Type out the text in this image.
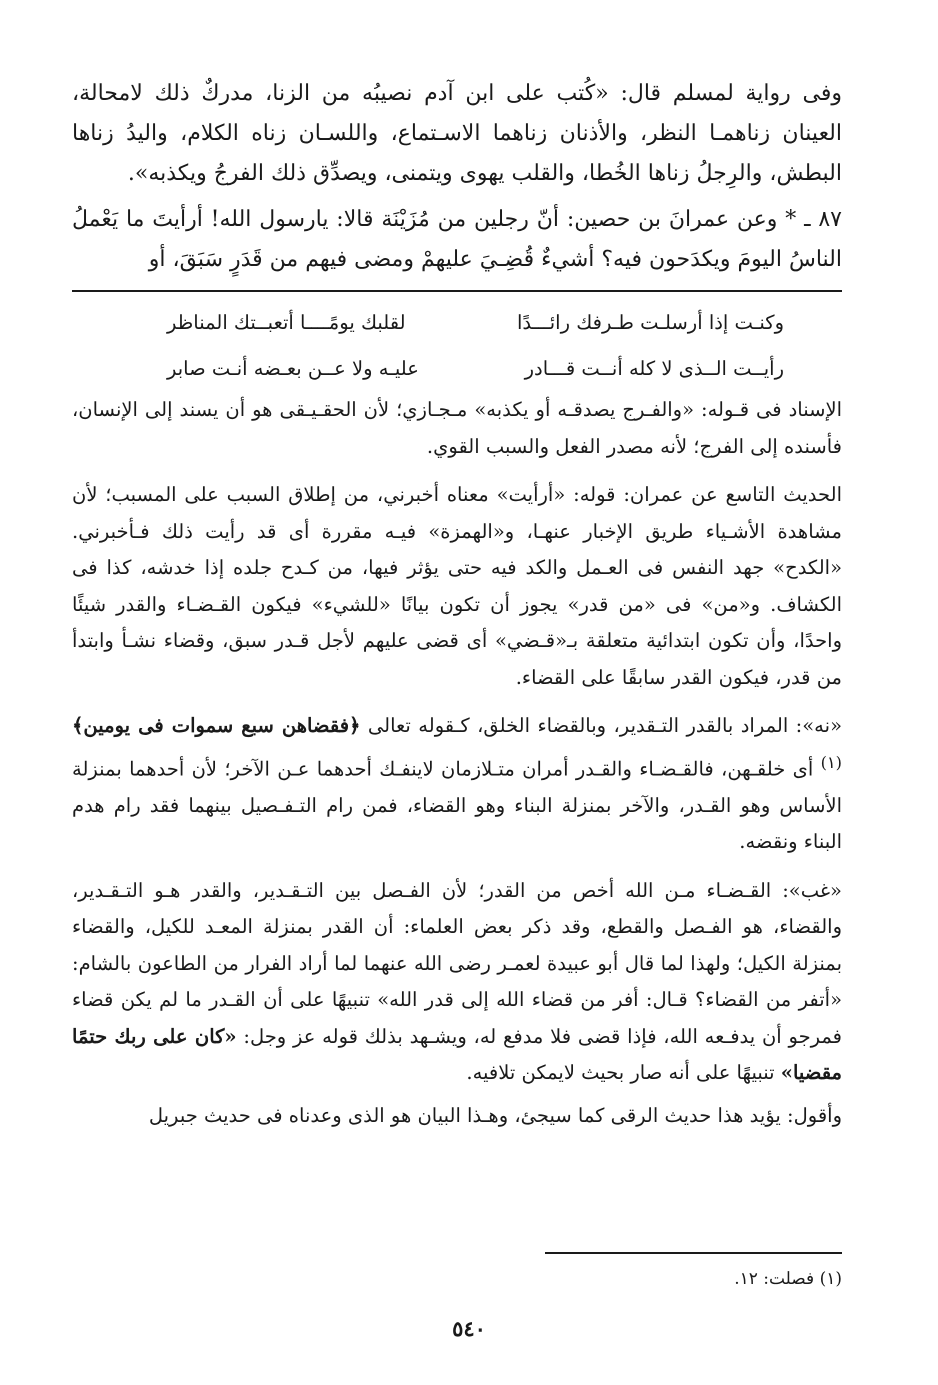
وفى رواية لمسلم قال: «كُتب على ابن آدم نصيبُه من الزنا، مدركٌ ذلك لامحالة، العينان زناهمـا النظر، والأذنان زناهما الاسـتماع، واللسـان زناه الكلام، واليدُ زناها البطش، والرِجلُ زناها الخُطا، والقلب يهوى ويتمنى، ويصدِّق ذلك الفرجُ ويكذبه».

٨٧ ـ * وعن عمرانَ بن حصين: أنّ رجلين من مُزَيْنَة قالا: يارسول الله! أرأيتَ ما يَعْملُ الناسُ اليومَ ويكدَحون فيه؟ أشيءٌ قُضِـيَ عليهمْ ومضى فيهم من قَدَرٍ سَبَقَ، أو

وكنـت إذا أرسلـت طـرفك رائـــدًا
لقلبك يومًــــا أتعبــتك المناظر
رأيــت الــذى لا كله أنــت قـــادر
عليـه ولا عــن بعـضه أنـت صابر

الإسناد فى قـوله: «والفـرج يصدقـه أو يكذبه» مـجـازي؛ لأن الحقـيـقى هو أن يسند إلى الإنسان، فأسنده إلى الفرج؛ لأنه مصدر الفعل والسبب القوي.

الحديث التاسع عن عمران: قوله: «أرأيت» معناه أخبرني، من إطلاق السبب على المسبب؛ لأن مشاهدة الأشـياء طريق الإخبار عنهـا، و«الهمزة» فيـه مقررة أى قد رأيت ذلك فـأخبرني. «الكدح» جهد النفس فى العـمل والكد فيه حتى يؤثر فيها، من كـدح جلده إذا خدشه، كذا فى الكشاف. و«من» فى «من قدر» يجوز أن تكون بيانًا «للشيء» فيكون القـضـاء والقدر شيئًا واحدًا، وأن تكون ابتدائية متعلقة بـ«قـضي» أى قضى عليهم لأجل قـدر سبق، وقضاء نشـأ وابتدأ من قدر، فيكون القدر سابقًا على القضاء.

«نه»: المراد بالقدر التـقدير، وبالقضاء الخلق، كـقوله تعالى ﴿فقضاهن سبع سموات فى يومين﴾$^{(١)}$ أى خلقـهن، فالقـضـاء والقـدر أمران متـلازمان لاينفـك أحدهما عـن الآخر؛ لأن أحدهما بمنزلة الأساس وهو القـدر، والآخر بمنزلة البناء وهو القضاء، فمن رام التـفـصيل بينهما فقد رام هدم البناء ونقضه.

«غب»: القـضـاء مـن الله أخص من القدر؛ لأن الفـصل بين التـقـدير، والقدر هـو التـقـدير، والقضاء، هو الفـصل والقطع، وقد ذكر بعض العلماء: أن القدر بمنزلة المعـد للكيل، والقضاء بمنزلة الكيل؛ ولهذا لما قال أبو عبيدة لعمـر رضى الله عنهما لما أراد الفرار من الطاعون بالشام: «أتفر من القضاء؟ قـال: أفر من قضاء الله إلى قدر الله» تنبيهًا على أن القـدر ما لم يكن قضاء فمرجو أن يدفـعه الله، فإذا قضى فلا مدفع له، ويشـهد بذلك قوله عز وجل: «كان على ربك حتمًا مقضيا» تنبيهًا على أنه صار بحيث لايمكن تلافيه.

وأقول: يؤيد هذا حديث الرقى كما سيجئ، وهـذا البيان هو الذى وعدناه فى حديث جبريل

(١) فصلت: ١٢.
٥٤٠
